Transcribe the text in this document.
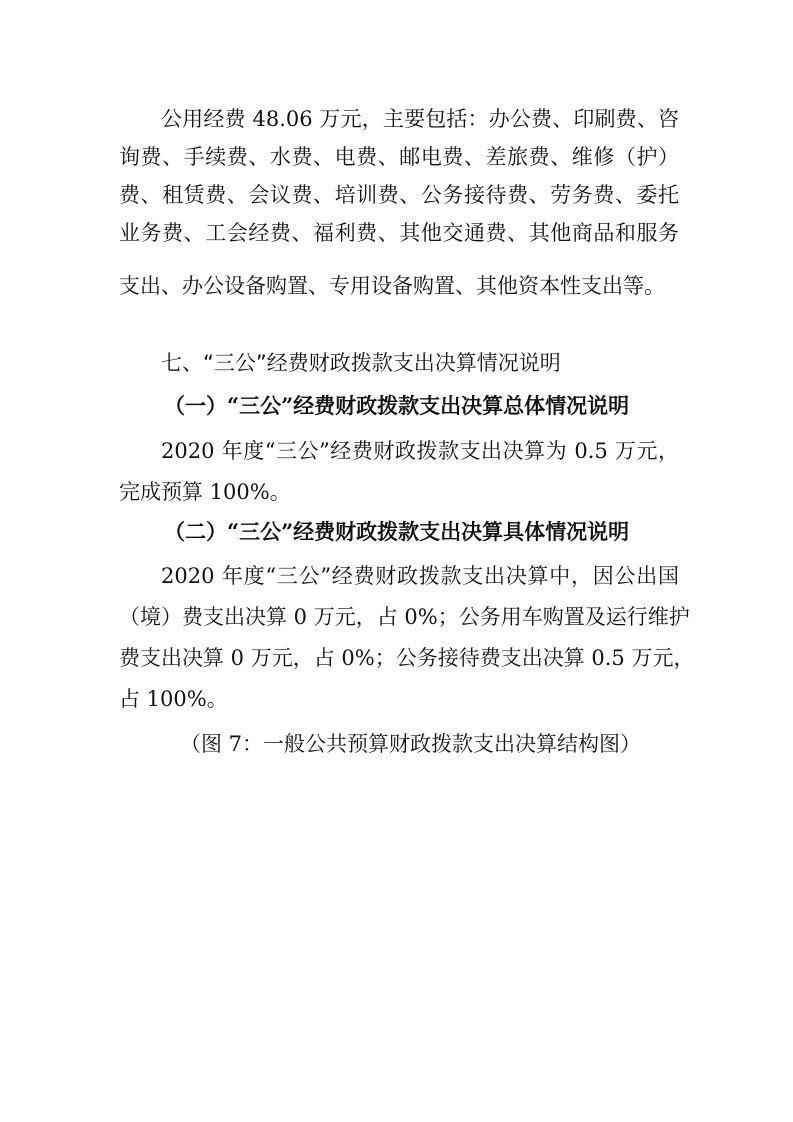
公用经费 48.06 万元，主要包括：办公费、印刷费、咨
询费、手续费、水费、电费、邮电费、差旅费、维修（护）
费、租赁费、会议费、培训费、公务接待费、劳务费、委托
业务费、工会经费、福利费、其他交通费、其他商品和服务
支出、办公设备购置、专用设备购置、其他资本性支出等。
七、“三公”经费财政拨款支出决算情况说明
（一）“三公”经费财政拨款支出决算总体情况说明
2020 年度“三公”经费财政拨款支出决算为 0.5 万元，
完成预算 100%。
（二）“三公”经费财政拨款支出决算具体情况说明
2020 年度“三公”经费财政拨款支出决算中，因公出国
（境）费支出决算 0 万元，占 0%；公务用车购置及运行维护
费支出决算 0 万元，占 0%；公务接待费支出决算 0.5 万元，
占 100%。
（图 7：一般公共预算财政拨款支出决算结构图）
